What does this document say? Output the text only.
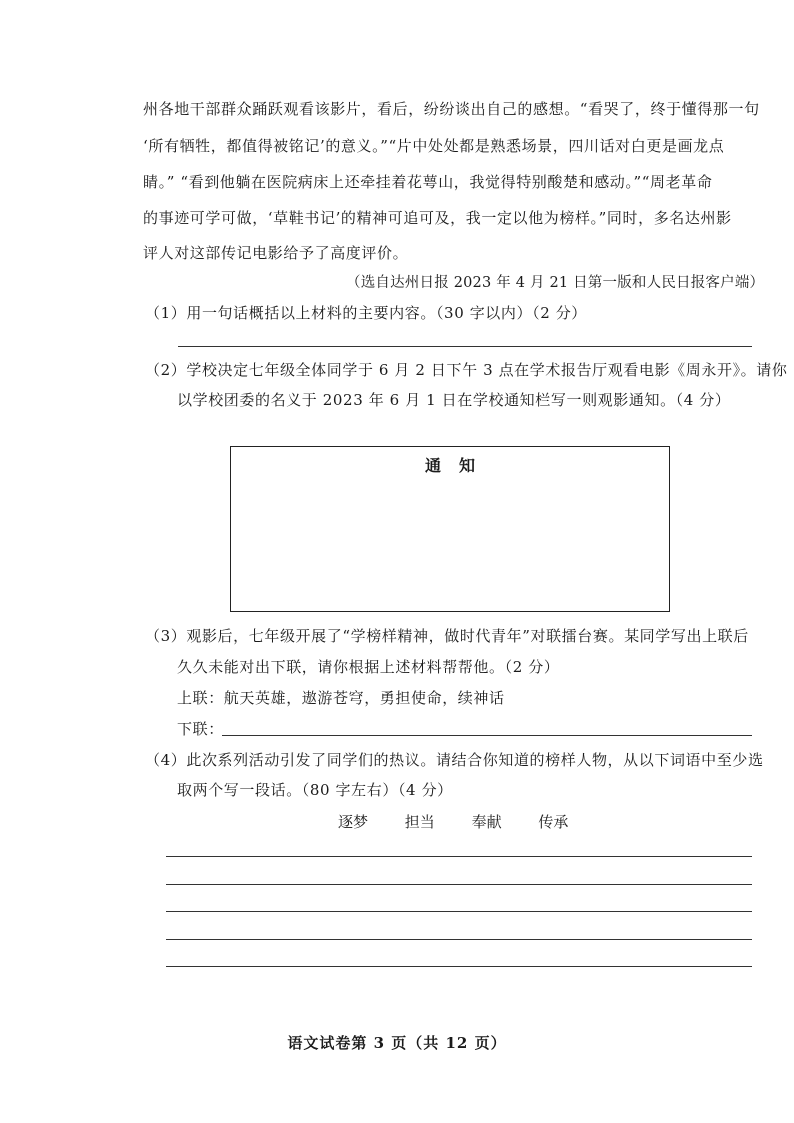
州各地干部群众踊跃观看该影片，看后，纷纷谈出自己的感想。“看哭了，终于懂得那一句
‘所有牺牲，都值得被铭记’的意义。”“片中处处都是熟悉场景，四川话对白更是画龙点
睛。” “看到他躺在医院病床上还牵挂着花萼山，我觉得特别酸楚和感动。”“周老革命
的事迹可学可做，‘草鞋书记’的精神可追可及，我一定以他为榜样。”同时，多名达州影
评人对这部传记电影给予了高度评价。
（选自达州日报 2023 年 4 月 21 日第一版和人民日报客户端）
（1）用一句话概括以上材料的主要内容。（30 字以内）（2 分）
（2）学校决定七年级全体同学于 6 月 2 日下午 3 点在学术报告厅观看电影《周永开》。请你
以学校团委的名义于 2023 年 6 月 1 日在学校通知栏写一则观影通知。（4 分）
通知
（3）观影后，七年级开展了“学榜样精神，做时代青年”对联擂台赛。某同学写出上联后
久久未能对出下联，请你根据上述材料帮帮他。（2 分）
上联：航天英雄，遨游苍穹，勇担使命，续神话
下联：
（4）此次系列活动引发了同学们的热议。请结合你知道的榜样人物，从以下词语中至少选
取两个写一段话。（80 字左右）（4 分）
逐梦 担当 奉献 传承
语文试卷第 3 页（共 12 页）
